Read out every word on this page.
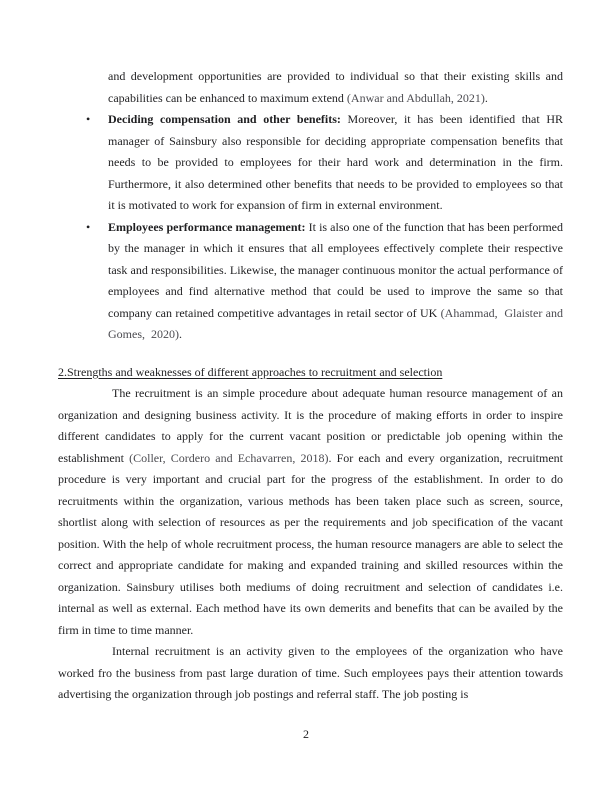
and development opportunities are provided to individual so that their existing skills and capabilities can be enhanced to maximum extend (Anwar and Abdullah, 2021).
• Deciding compensation and other benefits: Moreover, it has been identified that HR manager of Sainsbury also responsible for deciding appropriate compensation benefits that needs to be provided to employees for their hard work and determination in the firm. Furthermore, it also determined other benefits that needs to be provided to employees so that it is motivated to work for expansion of firm in external environment.
• Employees performance management: It is also one of the function that has been performed by the manager in which it ensures that all employees effectively complete their respective task and responsibilities. Likewise, the manager continuous monitor the actual performance of employees and find alternative method that could be used to improve the same so that company can retained competitive advantages in retail sector of UK (Ahammad,  Glaister and Gomes,  2020).
2.Strengths and weaknesses of different approaches to recruitment and selection
The recruitment is an simple procedure about adequate human resource management of an organization and designing business activity. It is the procedure of making efforts in order to inspire different candidates to apply for the current vacant position or predictable job opening within the establishment (Coller, Cordero and Echavarren, 2018). For each and every organization, recruitment procedure is very important and crucial part for the progress of the establishment. In order to do recruitments within the organization, various methods has been taken place such as screen, source, shortlist along with selection of resources as per the requirements and job specification of the vacant position. With the help of whole recruitment process, the human resource managers are able to select the correct and appropriate candidate for making and expanded training and skilled resources within the organization. Sainsbury utilises both mediums of doing recruitment and selection of candidates i.e. internal as well as external. Each method have its own demerits and benefits that can be availed by the firm in time to time manner.
Internal recruitment is an activity given to the employees of the organization who have worked fro the business from past large duration of time. Such employees pays their attention towards advertising the organization through job postings and referral staff. The job posting is
2
